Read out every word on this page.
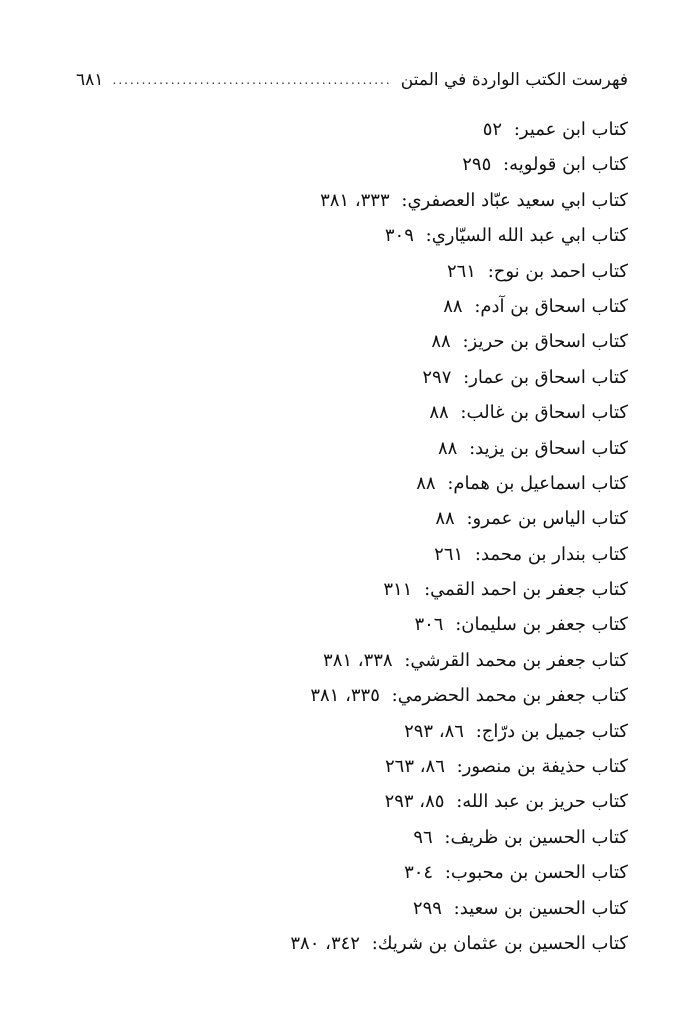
فهرست الكتب الواردة في المتن
................................................
٦٨١
كتاب ابن عمير: ٥٢
كتاب ابن قولويه: ٢٩٥
كتاب ابي سعيد عبّاد العصفري: ٣٣٣، ٣٨١
كتاب ابي عبد الله السيّاري: ٣٠٩
كتاب احمد بن نوح: ٢٦١
كتاب اسحاق بن آدم: ٨٨
كتاب اسحاق بن حريز: ٨٨
كتاب اسحاق بن عمار: ٢٩٧
كتاب اسحاق بن غالب: ٨٨
كتاب اسحاق بن يزيد: ٨٨
كتاب اسماعيل بن همام: ٨٨
كتاب الياس بن عمرو: ٨٨
كتاب بندار بن محمد: ٢٦١
كتاب جعفر بن احمد القمي: ٣١١
كتاب جعفر بن سليمان: ٣٠٦
كتاب جعفر بن محمد القرشي: ٣٣٨، ٣٨١
كتاب جعفر بن محمد الحضرمي: ٣٣٥، ٣٨١
كتاب جميل بن درّاج: ٨٦، ٢٩٣
كتاب حذيفة بن منصور: ٨٦، ٢٦٣
كتاب حريز بن عبد الله: ٨٥، ٢٩٣
كتاب الحسين بن ظريف: ٩٦
كتاب الحسن بن محبوب: ٣٠٤
كتاب الحسين بن سعيد: ٢٩٩
كتاب الحسين بن عثمان بن شريك: ٣٤٢، ٣٨٠
